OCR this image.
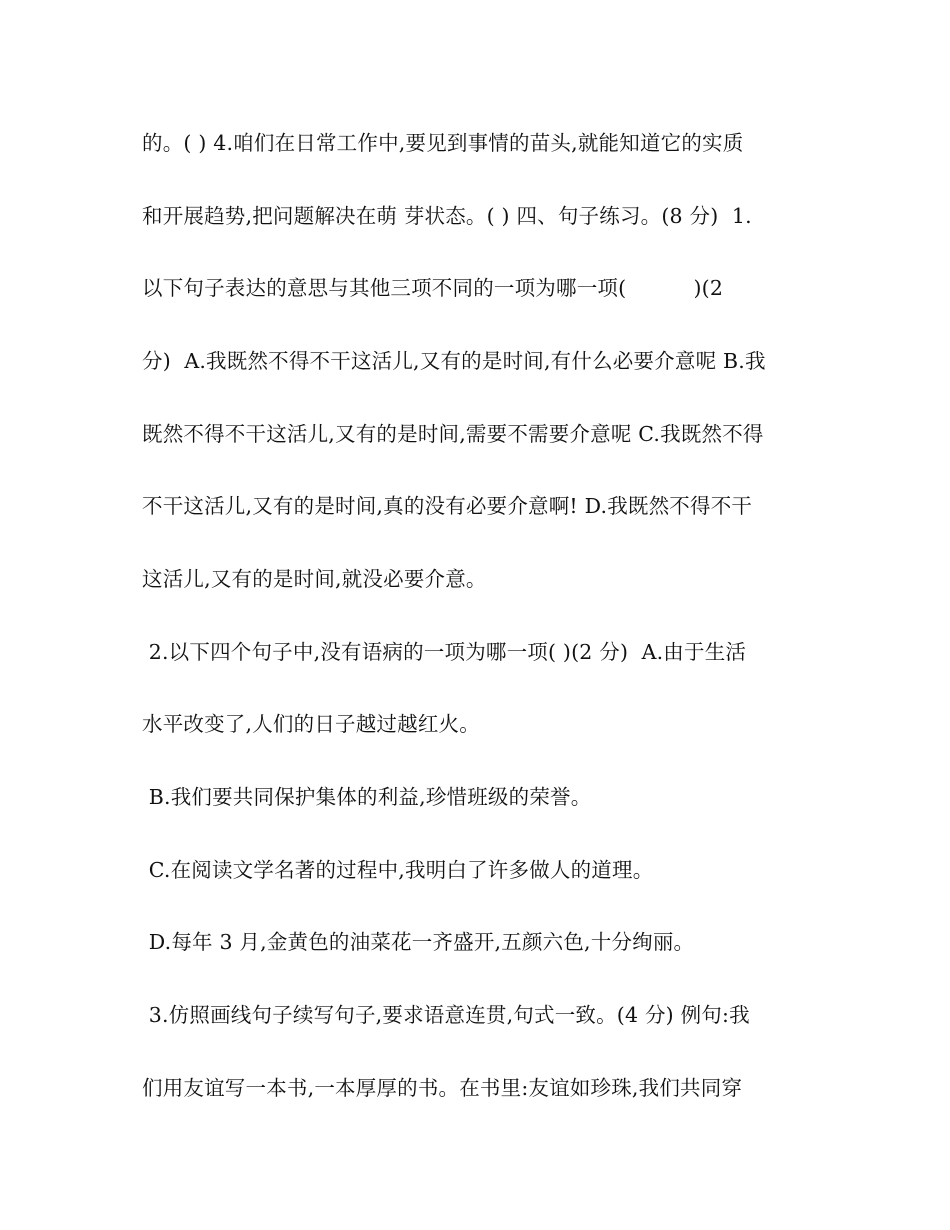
的。( ) 4.咱们在日常工作中,要见到事情的苗头,就能知道它的实质
和开展趋势,把问题解决在萌 芽状态。( ) 四、句子练习。(8 分)  1.
以下句子表达的意思与其他三项不同的一项为哪一项(          )(2
分)  A.我既然不得不干这活儿,又有的是时间,有什么必要介意呢 B.我
既然不得不干这活儿,又有的是时间,需要不需要介意呢 C.我既然不得
不干这活儿,又有的是时间,真的没有必要介意啊! D.我既然不得不干
这活儿,又有的是时间,就没必要介意。
2.以下四个句子中,没有语病的一项为哪一项( )(2 分)  A.由于生活
水平改变了,人们的日子越过越红火。
B.我们要共同保护集体的利益,珍惜班级的荣誉。
C.在阅读文学名著的过程中,我明白了许多做人的道理。
D.每年 3 月,金黄色的油菜花一齐盛开,五颜六色,十分绚丽。
3.仿照画线句子续写句子,要求语意连贯,句式一致。(4 分) 例句:我
们用友谊写一本书,一本厚厚的书。在书里:友谊如珍珠,我们共同穿
